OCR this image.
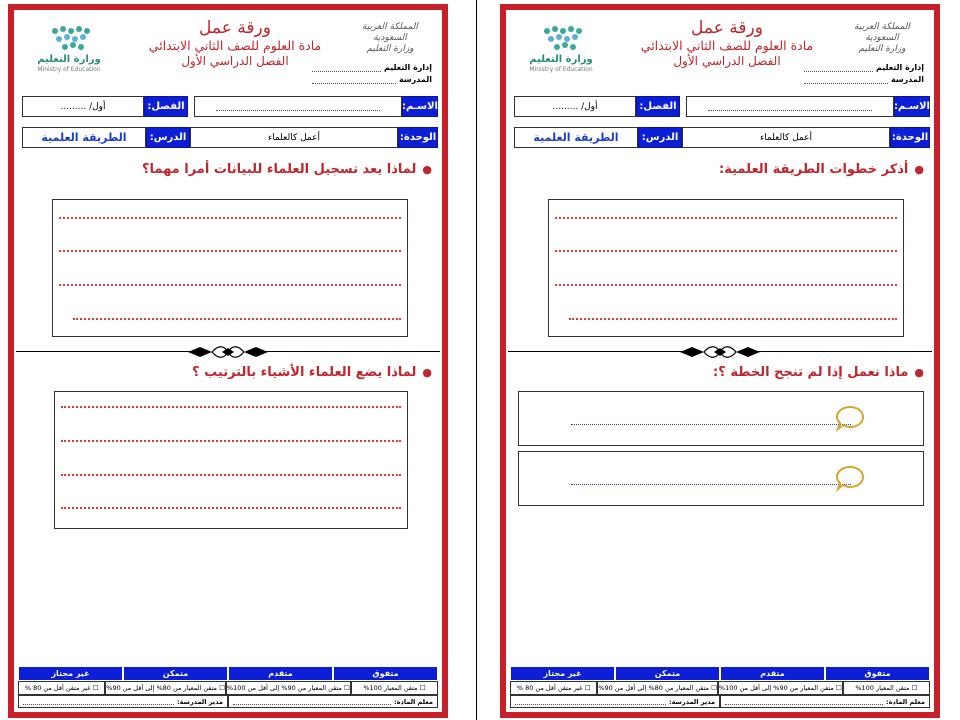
وزارة التعليم
Ministry of Education
ورقة عمل
مادة العلوم للصف الثاني الابتدائي
الفصل الدراسي الأول
المملكة العربية السعودية
وزارة التعليم
إدارة التعليم
المدرسة
الاسـم:
الفصل:
أول/ .........
الوحدة:
أعمل كالعلماء
الدرس:
الطريقة العلمية
●لماذا يعد تسجيل العلماء للبيانات أمرا مهما؟
●لماذا يضع العلماء الأشياء بالترتيب ؟
متفوق
متقدم
متمكن
غير مجتاز
☐
متقن المعيار 100%
☐
متقن المعيار من 90% إلى أقل من 100%
☐
متقن المعيار من 80% إلى أقل من 90%
☐
غير متقن أقل من 80 %
معلم المادة:
مدير المدرسة:
وزارة التعليم
Ministry of Education
ورقة عمل
مادة العلوم للصف الثاني الابتدائي
الفصل الدراسي الأول
المملكة العربية السعودية
وزارة التعليم
إدارة التعليم
المدرسة
الاسـم:
الفصل:
أول/ .........
الوحدة:
أعمل كالعلماء
الدرس:
الطريقة العلمية
●أذكر خطوات الطريقة العلمية:
●ماذا نعمل إذا لم تنجح الخطة ؟:
متفوق
متقدم
متمكن
غير مجتاز
☐
متقن المعيار 100%
☐
متقن المعيار من 90% إلى أقل من 100%
☐
متقن المعيار من 80% إلى أقل من 90%
☐
غير متقن أقل من 80 %
معلم المادة:
مدير المدرسة:
